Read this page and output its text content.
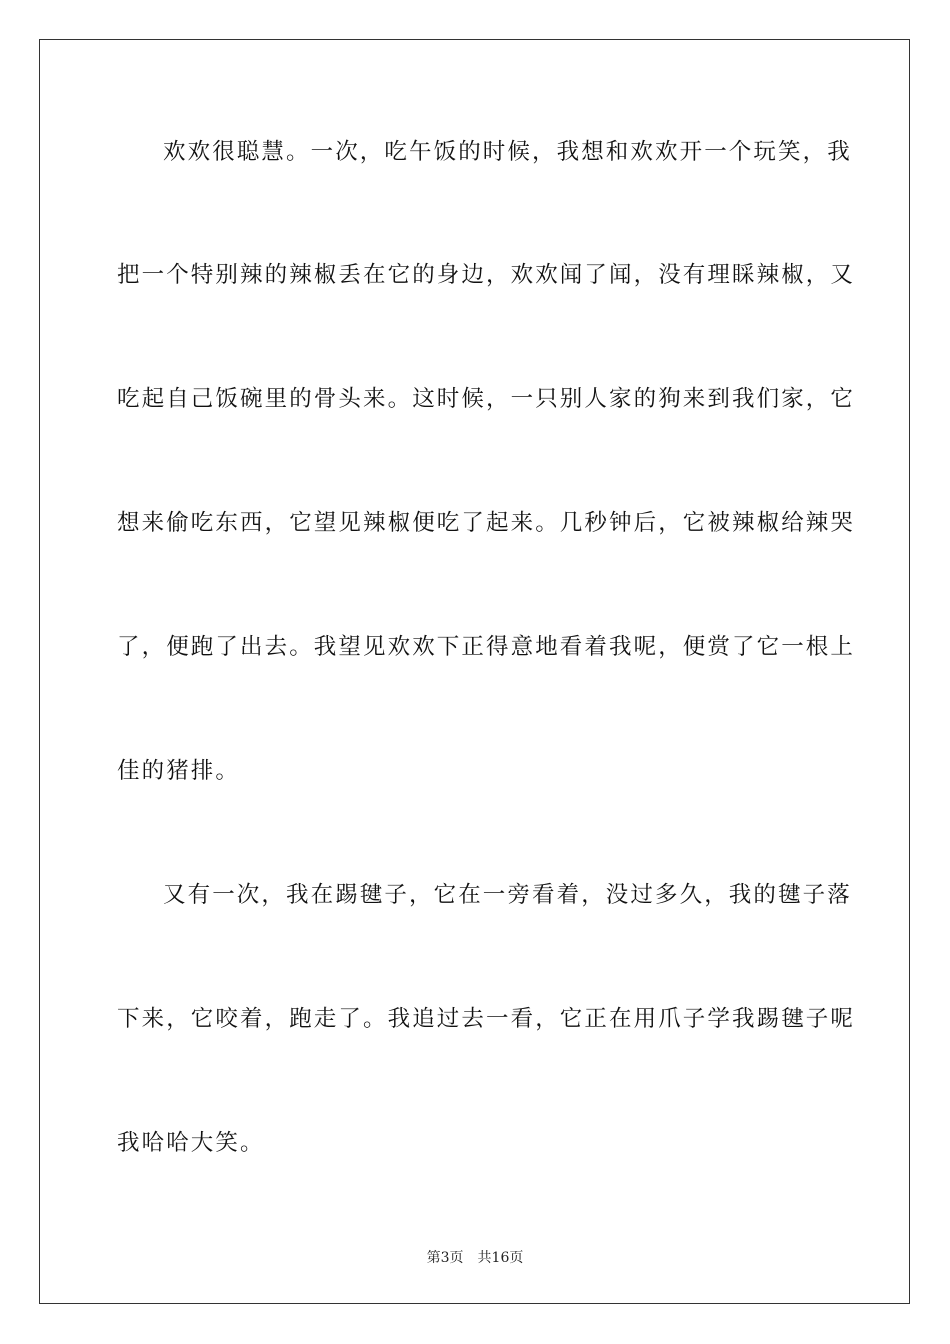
欢欢很聪慧。一次，吃午饭的时候，我想和欢欢开一个玩笑，我
把一个特别辣的辣椒丢在它的身边，欢欢闻了闻，没有理睬辣椒，又
吃起自己饭碗里的骨头来。这时候，一只别人家的狗来到我们家，它
想来偷吃东西，它望见辣椒便吃了起来。几秒钟后，它被辣椒给辣哭
了，便跑了出去。我望见欢欢下正得意地看着我呢，便赏了它一根上
佳的猪排。
又有一次，我在踢毽子，它在一旁看着，没过多久，我的毽子落
下来，它咬着，跑走了。我追过去一看，它正在用爪子学我踢毽子呢
我哈哈大笑。
第3页 共16页
